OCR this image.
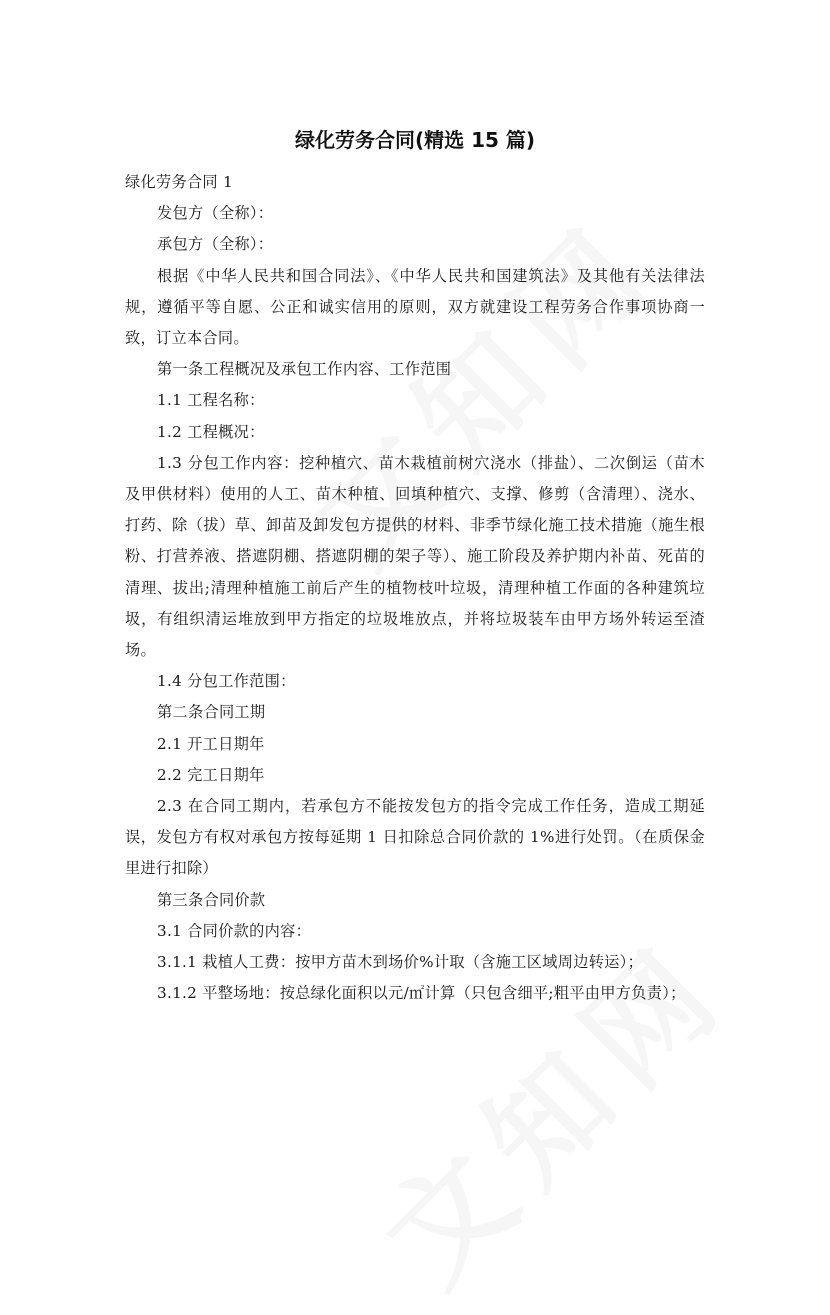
绿化劳务合同(精选 15 篇)

绿化劳务合同 1

发包方（全称）：

承包方（全称）：

根据《中华人民共和国合同法》、《中华人民共和国建筑法》及其他有关法律法规，遵循平等自愿、公正和诚实信用的原则，双方就建设工程劳务合作事项协商一致，订立本合同。

第一条工程概况及承包工作内容、工作范围

1.1 工程名称：

1.2 工程概况：

1.3 分包工作内容：挖种植穴、苗木栽植前树穴浇水（排盐）、二次倒运（苗木及甲供材料）使用的人工、苗木种植、回填种植穴、支撑、修剪（含清理）、浇水、打药、除（拔）草、卸苗及卸发包方提供的材料、非季节绿化施工技术措施（施生根粉、打营养液、搭遮阴棚、搭遮阴棚的架子等）、施工阶段及养护期内补苗、死苗的清理、拔出;清理种植施工前后产生的植物枝叶垃圾，清理种植工作面的各种建筑垃圾，有组织清运堆放到甲方指定的垃圾堆放点，并将垃圾装车由甲方场外转运至渣场。

1.4 分包工作范围：

第二条合同工期

2.1 开工日期年

2.2 完工日期年

2.3 在合同工期内，若承包方不能按发包方的指令完成工作任务，造成工期延误，发包方有权对承包方按每延期 1 日扣除总合同价款的 1%进行处罚。（在质保金里进行扣除）

第三条合同价款

3.1 合同价款的内容：

3.1.1 栽植人工费：按甲方苗木到场价%计取（含施工区域周边转运）；

3.1.2 平整场地：按总绿化面积以元/㎡计算（只包含细平;粗平由甲方负责）；
